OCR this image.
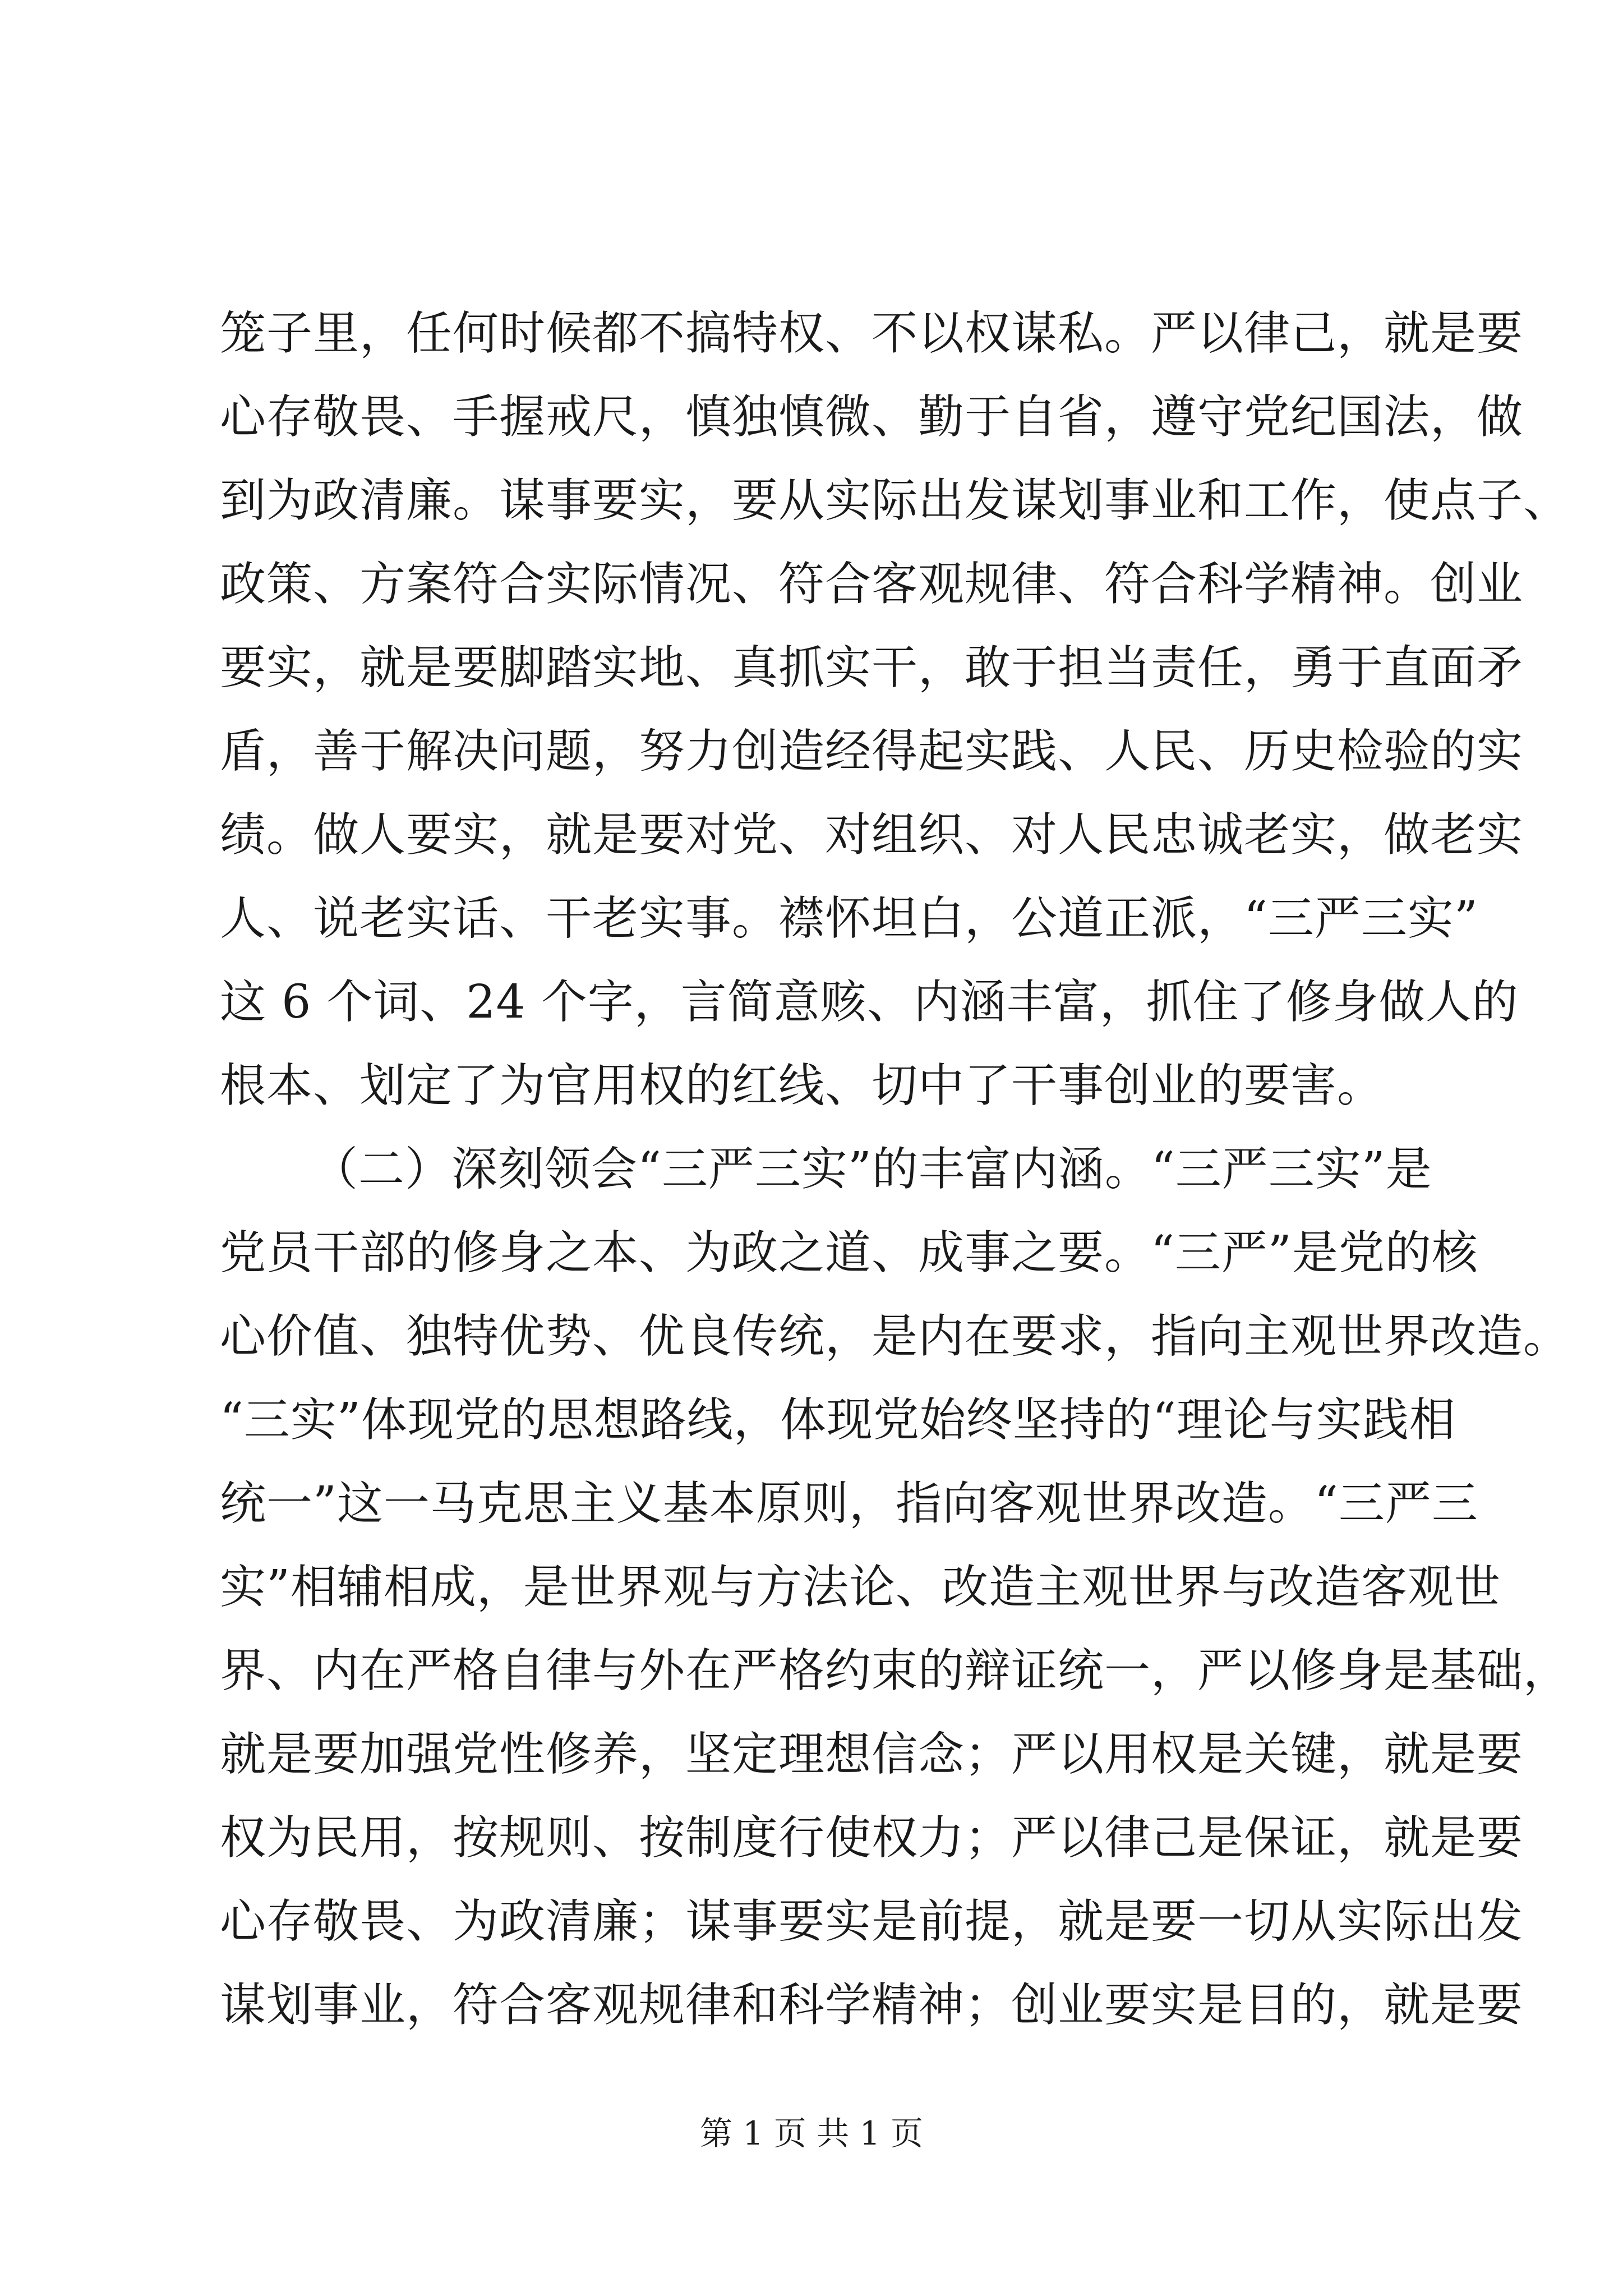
笼子里，任何时候都不搞特权、不以权谋私。严以律己，就是要
心存敬畏、手握戒尺，慎独慎微、勤于自省，遵守党纪国法，做
到为政清廉。谋事要实，要从实际出发谋划事业和工作，使点子、
政策、方案符合实际情况、符合客观规律、符合科学精神。创业
要实，就是要脚踏实地、真抓实干，敢于担当责任，勇于直面矛
盾，善于解决问题，努力创造经得起实践、人民、历史检验的实
绩。做人要实，就是要对党、对组织、对人民忠诚老实，做老实
人、说老实话、干老实事。襟怀坦白，公道正派，“三严三实”
这 6 个词、24 个字，言简意赅、内涵丰富，抓住了修身做人的
根本、划定了为官用权的红线、切中了干事创业的要害。
（二）深刻领会“三严三实”的丰富内涵。“三严三实”是
党员干部的修身之本、为政之道、成事之要。“三严”是党的核
心价值、独特优势、优良传统，是内在要求，指向主观世界改造。
“三实”体现党的思想路线，体现党始终坚持的“理论与实践相
统一”这一马克思主义基本原则，指向客观世界改造。“三严三
实”相辅相成，是世界观与方法论、改造主观世界与改造客观世
界、内在严格自律与外在严格约束的辩证统一，严以修身是基础，
就是要加强党性修养，坚定理想信念；严以用权是关键，就是要
权为民用，按规则、按制度行使权力；严以律己是保证，就是要
心存敬畏、为政清廉；谋事要实是前提，就是要一切从实际出发
谋划事业，符合客观规律和科学精神；创业要实是目的，就是要
第 1 页 共 1 页
